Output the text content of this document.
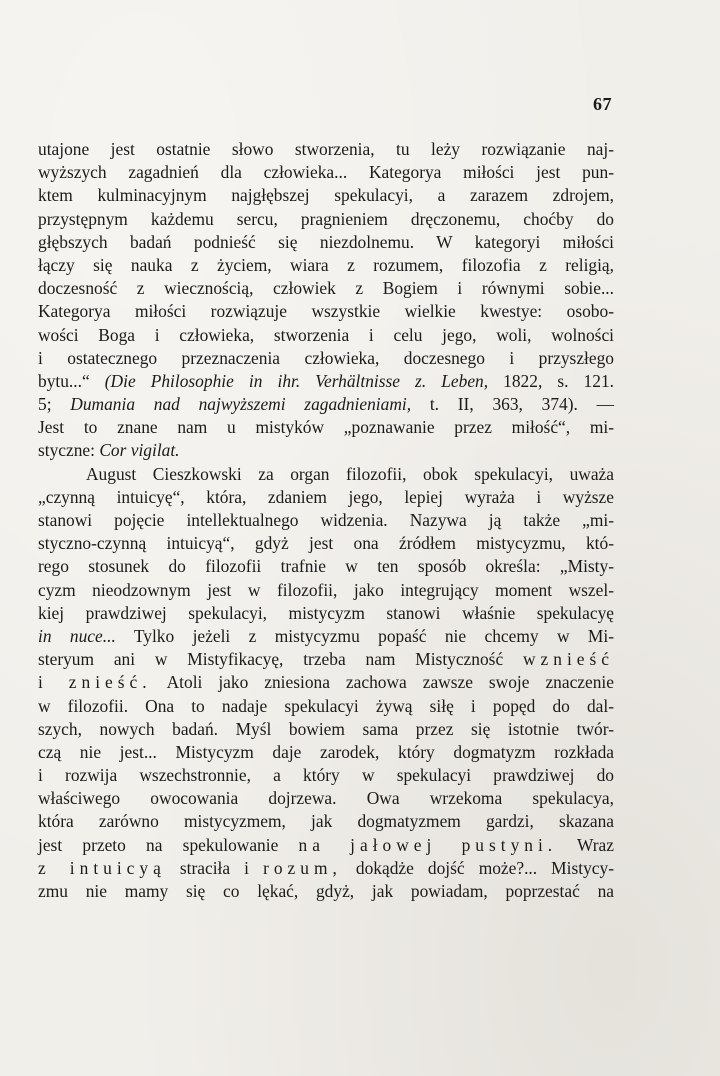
67
utajone jest ostatnie słowo stworzenia, tu leży rozwiązanie naj-
wyższych zagadnień dla człowieka... Kategorya miłości jest pun-
ktem kulminacyjnym najgłębszej spekulacyi, a zarazem zdrojem,
przystępnym każdemu sercu, pragnieniem dręczonemu, choćby do
głębszych badań podnieść się niezdolnemu. W kategoryi miłości
łączy się nauka z życiem, wiara z rozumem, filozofia z religią,
doczesność z wiecznością, człowiek z Bogiem i równymi sobie...
Kategorya miłości rozwiązuje wszystkie wielkie kwestye: osobo-
wości Boga i człowieka, stworzenia i celu jego, woli, wolności
i ostatecznego przeznaczenia człowieka, doczesnego i przyszłego
bytu...“ (Die Philosophie in ihr. Verhältnisse z. Leben, 1822, s. 121.
5; Dumania nad najwyższemi zagadnieniami, t. II, 363, 374). —
Jest to znane nam u mistyków „poznawanie przez miłość“, mi-
styczne: Cor vigilat.
August Cieszkowski za organ filozofii, obok spekulacyi, uważa
„czynną intuicyę“, która, zdaniem jego, lepiej wyraża i wyższe
stanowi pojęcie intellektualnego widzenia. Nazywa ją także „mi-
styczno-czynną intuicyą“, gdyż jest ona źródłem mistycyzmu, któ-
rego stosunek do filozofii trafnie w ten sposób określa: „Misty-
cyzm nieodzownym jest w filozofii, jako integrujący moment wszel-
kiej prawdziwej spekulacyi, mistycyzm stanowi właśnie spekulacyę
in nuce... Tylko jeżeli z mistycyzmu popaść nie chcemy w Mi-
steryum ani w Mistyfikacyę, trzeba nam Mistyczność wznieść
i znieść. Atoli jako zniesiona zachowa zawsze swoje znaczenie
w filozofii. Ona to nadaje spekulacyi żywą siłę i popęd do dal-
szych, nowych badań. Myśl bowiem sama przez się istotnie twór-
czą nie jest... Mistycyzm daje zarodek, który dogmatyzm rozkłada
i rozwija wszechstronnie, a który w spekulacyi prawdziwej do
właściwego owocowania dojrzewa. Owa wrzekoma spekulacya,
która zarówno mistycyzmem, jak dogmatyzmem gardzi, skazana
jest przeto na spekulowanie na jałowej pustyni. Wraz
z intuicyą straciła i rozum, dokądże dojść może?... Mistycy-
zmu nie mamy się co lękać, gdyż, jak powiadam, poprzestać na
